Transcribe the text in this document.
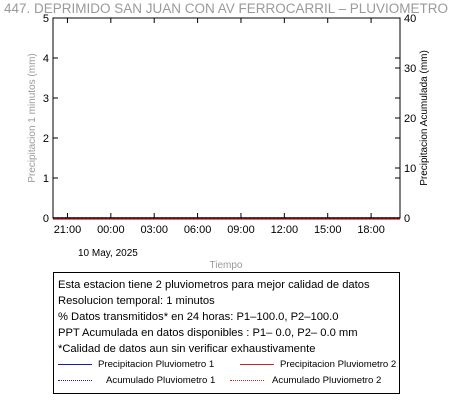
447. DEPRIMIDO SAN JUAN CON AV FERROCARRIL – PLUVIOMETRO
0
1
2
3
4
5
0
10
20
30
40
21:00 00:00 03:00 06:00 09:00 12:00 15:00 18:00
Precipitacion 1 minutos (mm)	Precipitacion Acumulada (mm)
10 May, 2025
Tiempo
Esta estacion tiene 2 pluviometros para mejor calidad de datos
Resolucion temporal: 1 minutos
% Datos transmitidos* en 24 horas: P1–100.0, P2–100.0
PPT Acumulada en datos disponibles : P1– 0.0, P2– 0.0 mm
*Calidad de datos aun sin verificar exhaustivamente
Precipitacion Pluviometro 1	Precipitacion Pluviometro 2
Acumulado Pluviometro 1	Acumulado Pluviometro 2
